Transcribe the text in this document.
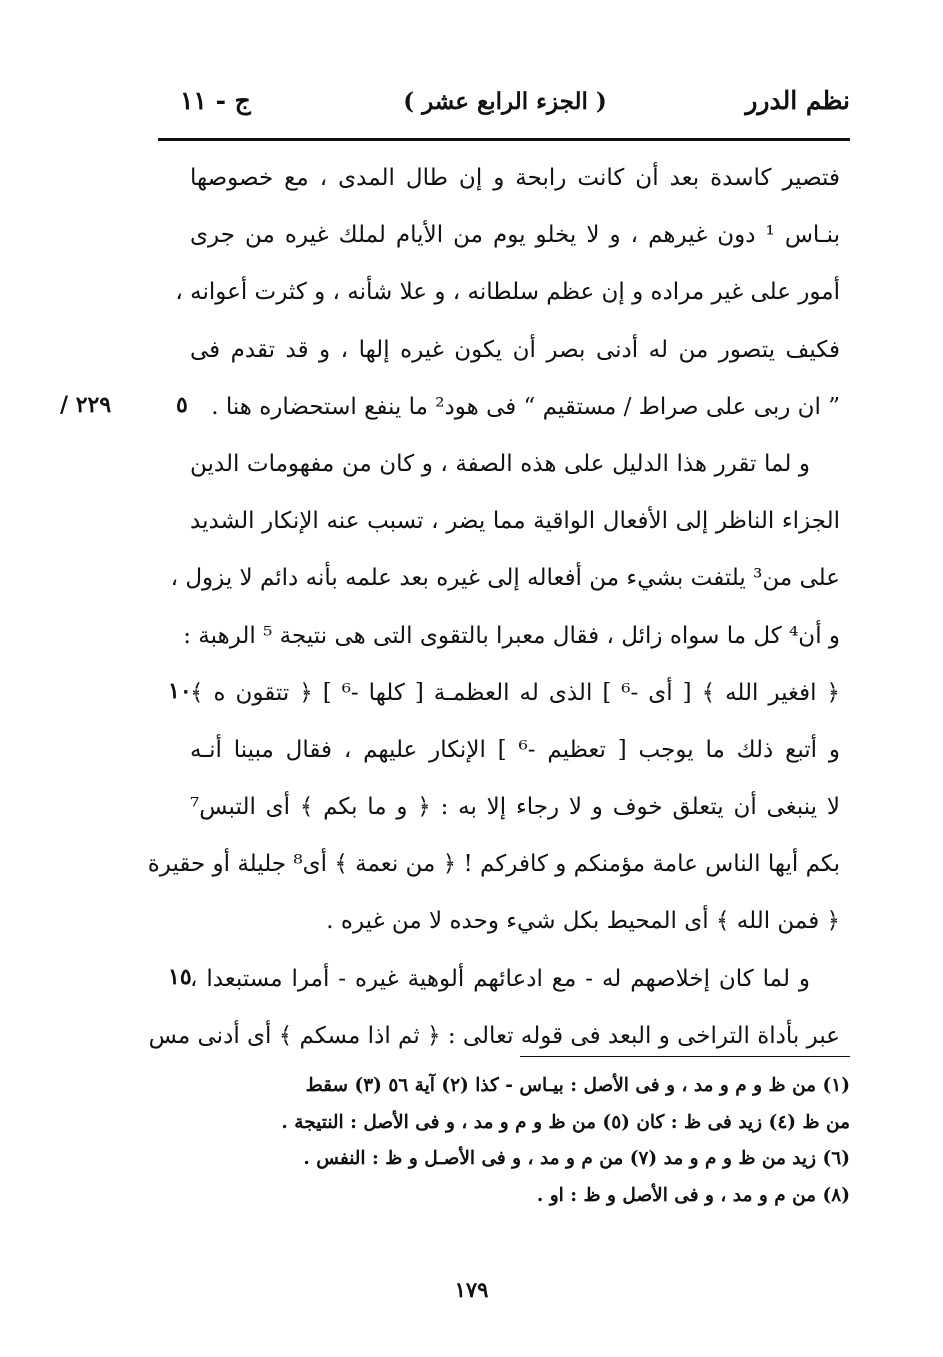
نظم الدرر
( الجزء الرابع عشر )
ج - ١١
فتصير كاسدة بعد أن كانت رابحة و إن طال المدى ، مع خصوصها
بنـاس ¹ دون غيرهم ، و لا يخلو يوم من الأيام لملك غيره من جرى
أمور على غير مراده و إن عظم سلطانه ، و علا شأنه ، و كثرت أعوانه ،
فكيف يتصور من له أدنى بصر أن يكون غيره إلها ، و قد تقدم فى
” ان ربى على صراط / مستقيم “ فى هود² ما ينفع استحضاره هنا .
و لما تقرر هذا الدليل على هذه الصفة ، و كان من مفهومات الدين
الجزاء الناظر إلى الأفعال الواقية مما يضر ، تسبب عنه الإنكار الشديد
على من³ يلتفت بشيء من أفعاله إلى غيره بعد علمه بأنه دائم لا يزول ،
و أن⁴ كل ما سواه زائل ، فقال معبرا بالتقوى التى هى نتيجة ⁵ الرهبة :
﴿ افغير الله ﴾ [ أى -⁶ ] الذى له العظمـة [ كلها -⁶ ] ﴿ تتقون ه ﴾
و أتبع ذلك ما يوجب [ تعظيم -⁶ ] الإنكار عليهم ، فقال مبينا أنـه
لا ينبغى أن يتعلق خوف و لا رجاء إلا به : ﴿ و ما بكم ﴾ أى التبس⁷
بكم أيها الناس عامة مؤمنكم و كافركم ! ﴿ من نعمة ﴾ أى⁸ جليلة أو حقيرة
﴿ فمن الله ﴾ أى المحيط بكل شيء وحده لا من غيره .
و لما كان إخلاصهم له - مع ادعائهم ألوهية غيره - أمرا مستبعدا ،
عبر بأداة التراخى و البعد فى قوله تعالى : ﴿ ثم اذا مسكم ﴾ أى أدنى مس
٥
٢٢٩ /
١٠
١٥
(١) من ظ و م و مد ، و فى الأصل : بيـاس - كذا (٢) آية ٥٦ (٣) سقط
من ظ (٤) زيد فى ظ : كان (٥) من ظ و م و مد ، و فى الأصل : النتيجة .
(٦) زيد من ظ و م و مد (٧) من م و مد ، و فى الأصـل و ظ : النفس .
(٨) من م و مد ، و فى الأصل و ظ : او .
١٧٩
